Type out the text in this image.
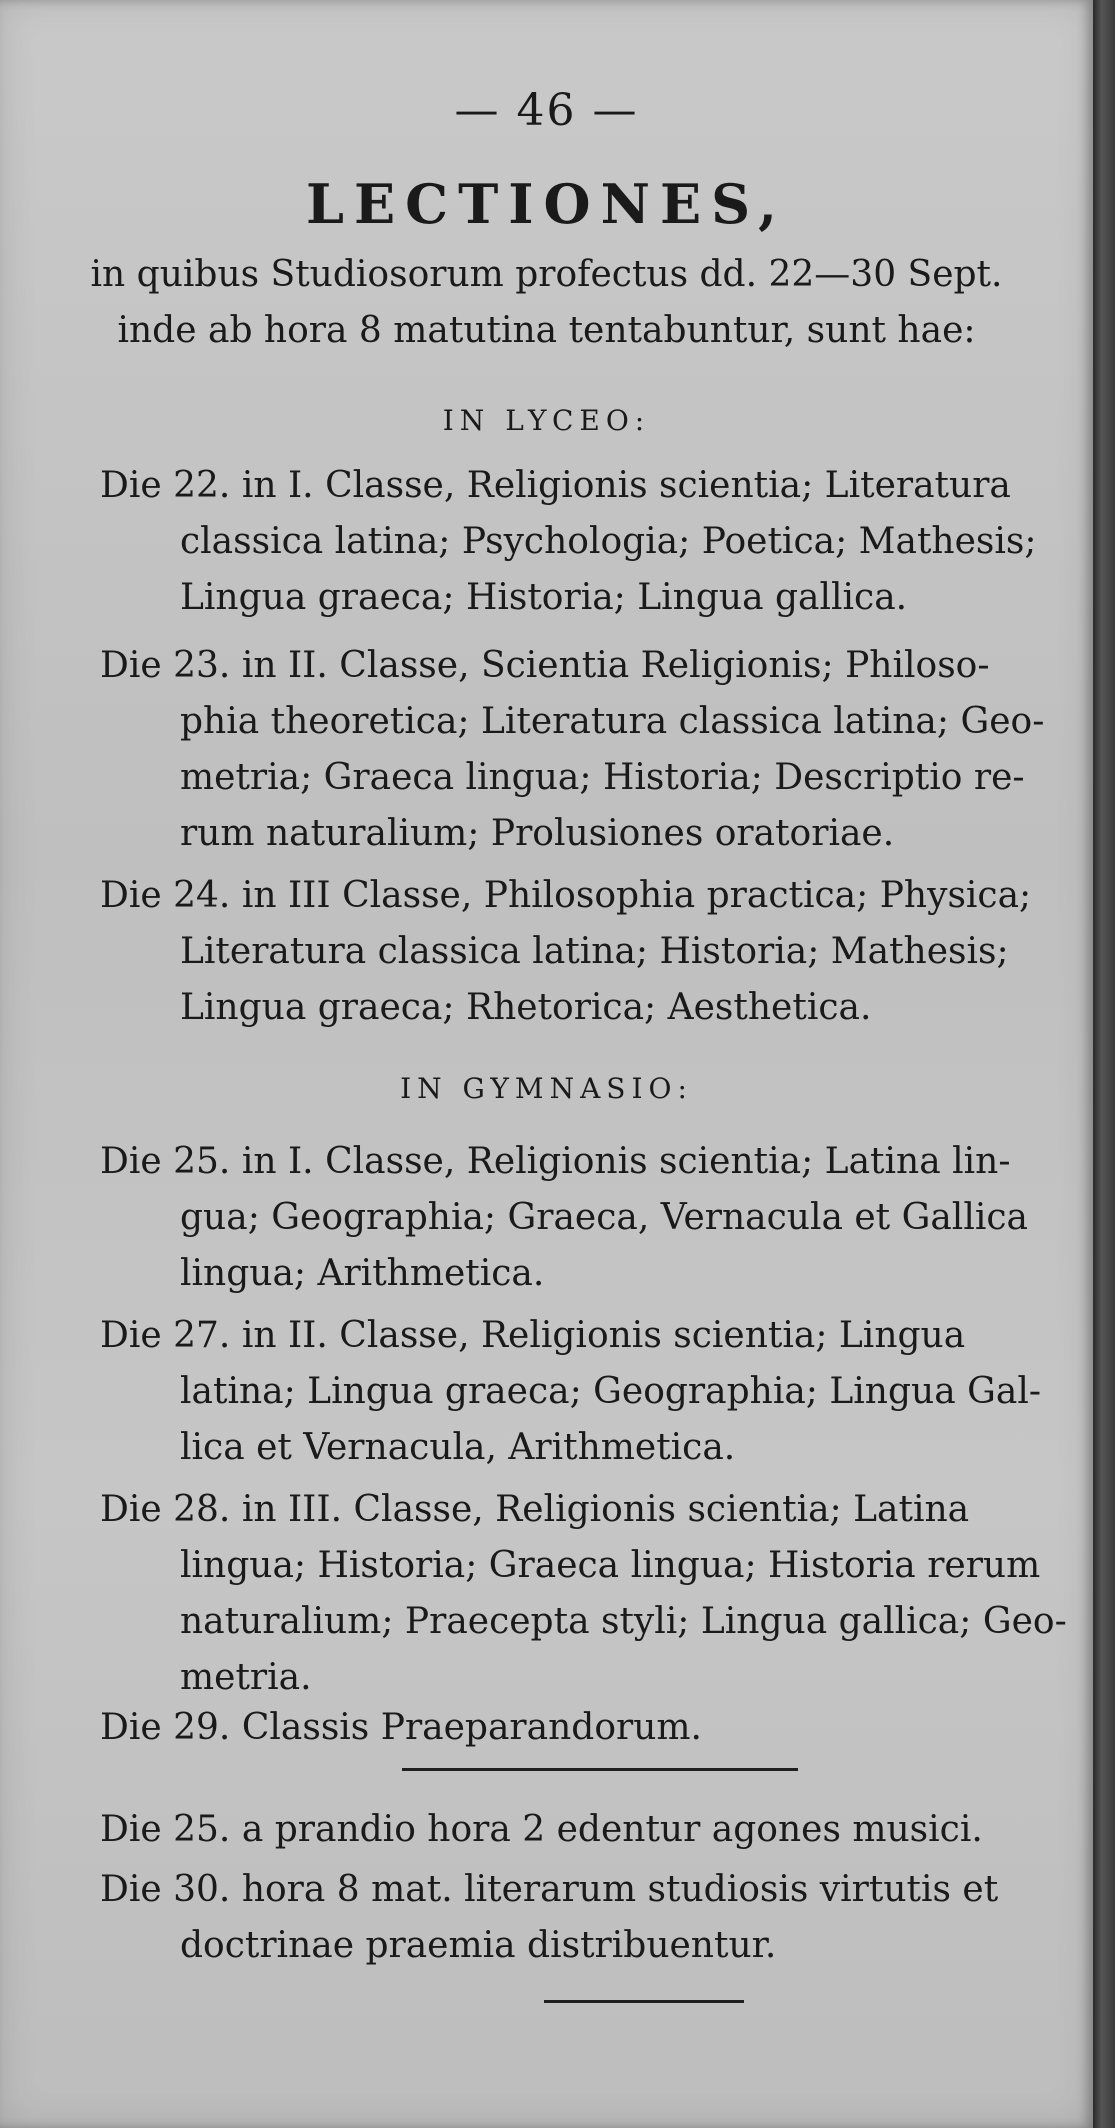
— 46 —
LECTIONES,
in quibus Studiosorum profectus dd. 22—30 Sept.
inde ab hora 8 matutina tentabuntur, sunt hae:
IN LYCEO:
Die 22. in I. Classe, Religionis scientia; Literatura
classica latina; Psychologia; Poetica; Mathesis;
Lingua graeca; Historia; Lingua gallica.
Die 23. in II. Classe, Scientia Religionis; Philoso-
phia theoretica; Literatura classica latina; Geo-
metria; Graeca lingua; Historia; Descriptio re-
rum naturalium; Prolusiones oratoriae.
Die 24. in III Classe, Philosophia practica; Physica;
Literatura classica latina; Historia; Mathesis;
Lingua graeca; Rhetorica; Aesthetica.
IN GYMNASIO:
Die 25. in I. Classe, Religionis scientia; Latina lin-
gua; Geographia; Graeca, Vernacula et Gallica
lingua; Arithmetica.
Die 27. in II. Classe, Religionis scientia; Lingua
latina; Lingua graeca; Geographia; Lingua Gal-
lica et Vernacula, Arithmetica.
Die 28. in III. Classe, Religionis scientia; Latina
lingua; Historia; Graeca lingua; Historia rerum
naturalium; Praecepta styli; Lingua gallica; Geo-
metria.
Die 29. Classis Praeparandorum.
Die 25. a prandio hora 2 edentur agones musici.
Die 30. hora 8 mat. literarum studiosis virtutis et
doctrinae praemia distribuentur.
